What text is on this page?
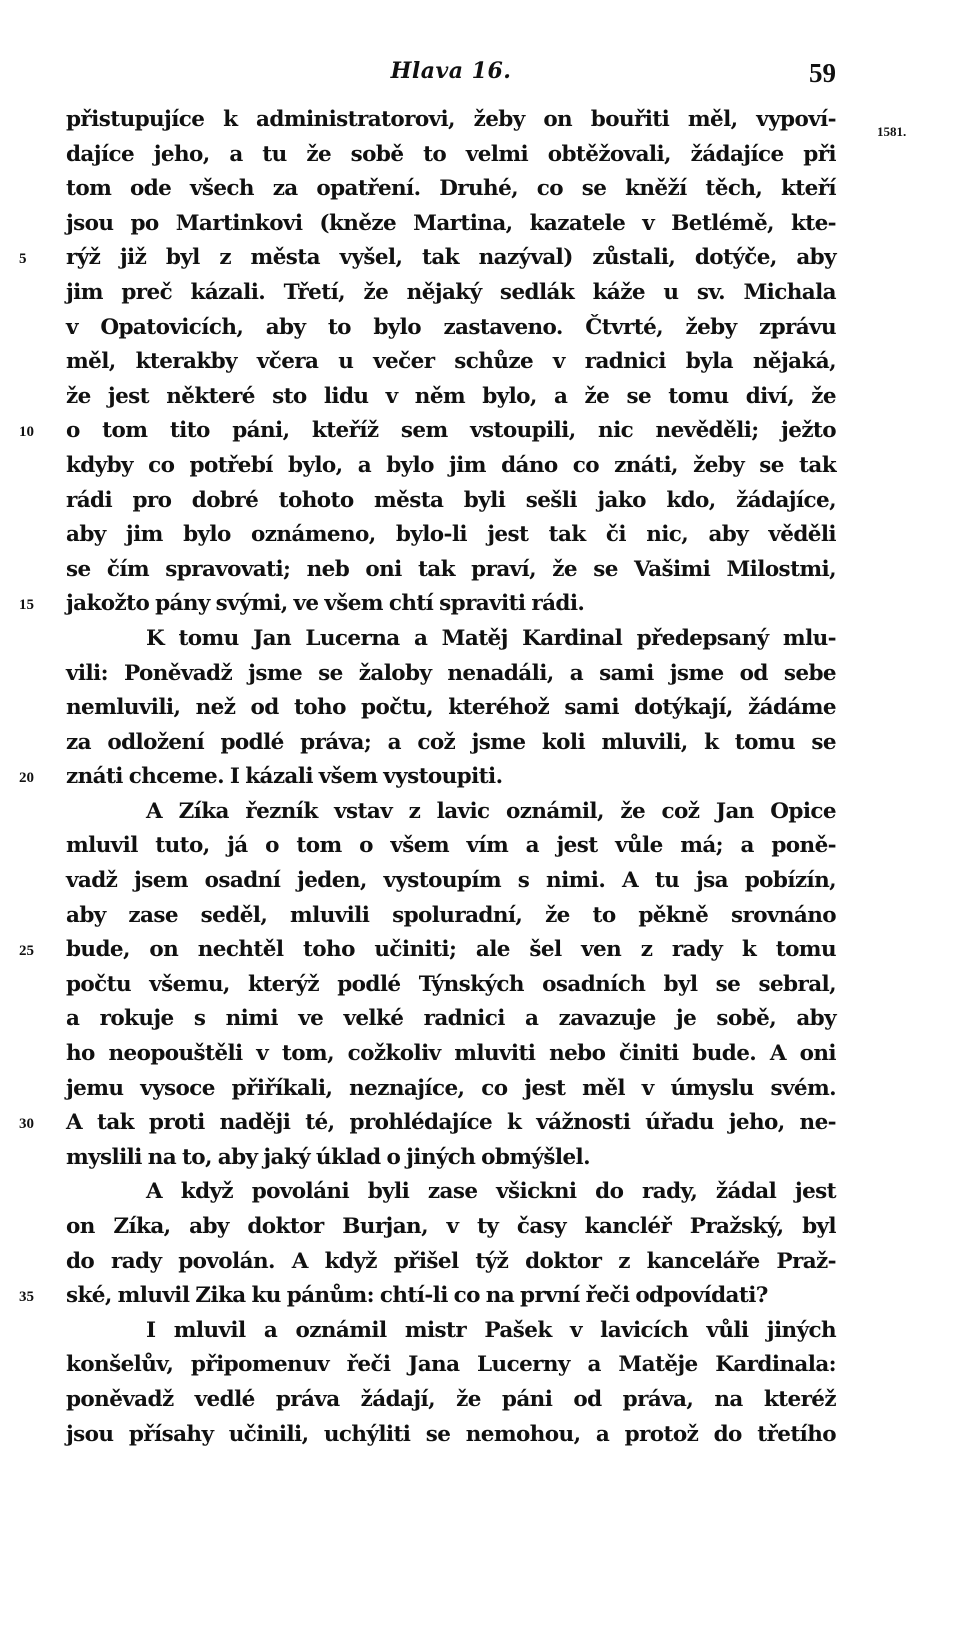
Hlava 16.	59
1581.
přistupujíce k administratorovi, žeby on bouřiti měl, vypoví-
dajíce jeho, a tu že sobě to velmi obtěžovali, žádajíce při
tom ode všech za opatření. Druhé, co se kněží těch, kteří
jsou po Martinkovi (kněze Martina, kazatele v Betlémě, kte-
5	rýž již byl z města vyšel, tak nazýval) zůstali, dotýče, aby
jim preč kázali. Třetí, že nějaký sedlák káže u sv. Michala
v Opatovicích, aby to bylo zastaveno. Čtvrté, žeby zprávu
měl, kterakby včera u večer schůze v radnici byla nějaká,
že jest některé sto lidu v něm bylo, a že se tomu diví, že
10 o tom tito páni, kteříž sem vstoupili, nic nevěděli; ježto
kdyby co potřebí bylo, a bylo jim dáno co znáti, žeby se tak
rádi pro dobré tohoto města byli sešli jako kdo, žádajíce,
aby jim bylo oznámeno, bylo-li jest tak či nic, aby věděli
se čím spravovati; neb oni tak praví, že se Vašimi Milostmi,
15 jakožto pány svými, ve všem chtí spraviti rádi.
K tomu Jan Lucerna a Matěj Kardinal předepsaný mlu-
vili: Poněvadž jsme se žaloby nenadáli, a sami jsme od sebe
nemluvili, než od toho počtu, kteréhož sami dotýkají, žádáme
za odložení podlé práva; a což jsme koli mluvili, k tomu se
20 znáti chceme. I kázali všem vystoupiti.
A Zíka řezník vstav z lavic oznámil, že což Jan Opice
mluvil tuto, já o tom o všem vím a jest vůle má; a poně-
vadž jsem osadní jeden, vystoupím s nimi. A tu jsa pobízín,
aby zase seděl, mluvili spoluradní, že to pěkně srovnáno
25 bude, on nechtěl toho učiniti; ale šel ven z rady k tomu
počtu všemu, kterýž podlé Týnských osadních byl se sebral,
a rokuje s nimi ve velké radnici a zavazuje je sobě, aby
ho neopouštěli v tom, cožkoliv mluviti nebo činiti bude. A oni
jemu vysoce přiříkali, neznajíce, co jest měl v úmyslu svém.
30 A tak proti naději té, prohlédajíce k vážnosti úřadu jeho, ne-
myslili na to, aby jaký úklad o jiných obmýšlel.
A když povoláni byli zase všickni do rady, žádal jest
on Zíka, aby doktor Burjan, v ty časy kancléř Pražský, byl
do rady povolán. A když přišel týž doktor z kanceláře Praž-
35 ské, mluvil Zika ku pánům: chtí-li co na první řeči odpovídati?
I mluvil a oznámil mistr Pašek v lavicích vůli jiných
konšelův, připomenuv řeči Jana Lucerny a Matěje Kardinala:
poněvadž vedlé práva žádají, že páni od práva, na kteréž
jsou přísahy učinili, uchýliti se nemohou, a protož do třetího
